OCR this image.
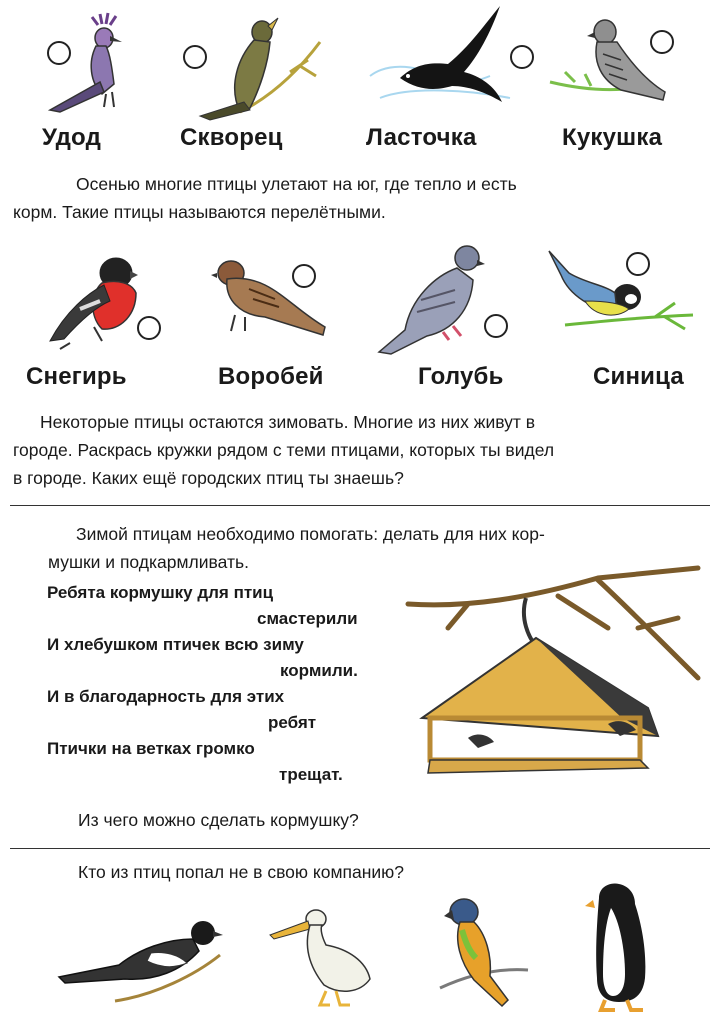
Удод	Скворец	Ласточка	Кукушка
Осенью многие птицы улетают на юг, где тепло и есть
корм. Такие птицы называются перелётными.
Снегирь	Воробей	Голубь	Синица
Некоторые птицы остаются зимовать. Многие из них живут в
городе. Раскрась кружки рядом с теми птицами, которых ты видел
в городе. Каких ещё городских птиц ты знаешь?
Зимой птицам необходимо помогать: делать для них кор-
мушки и подкармливать.
Ребята кормушку для птиц
смастерили
И хлебушком птичек всю зиму
кормили.
И в благодарность для этих
ребят
Птички на ветках громко
трещат.
Из чего можно сделать кормушку?
Кто из птиц попал не в свою компанию?
